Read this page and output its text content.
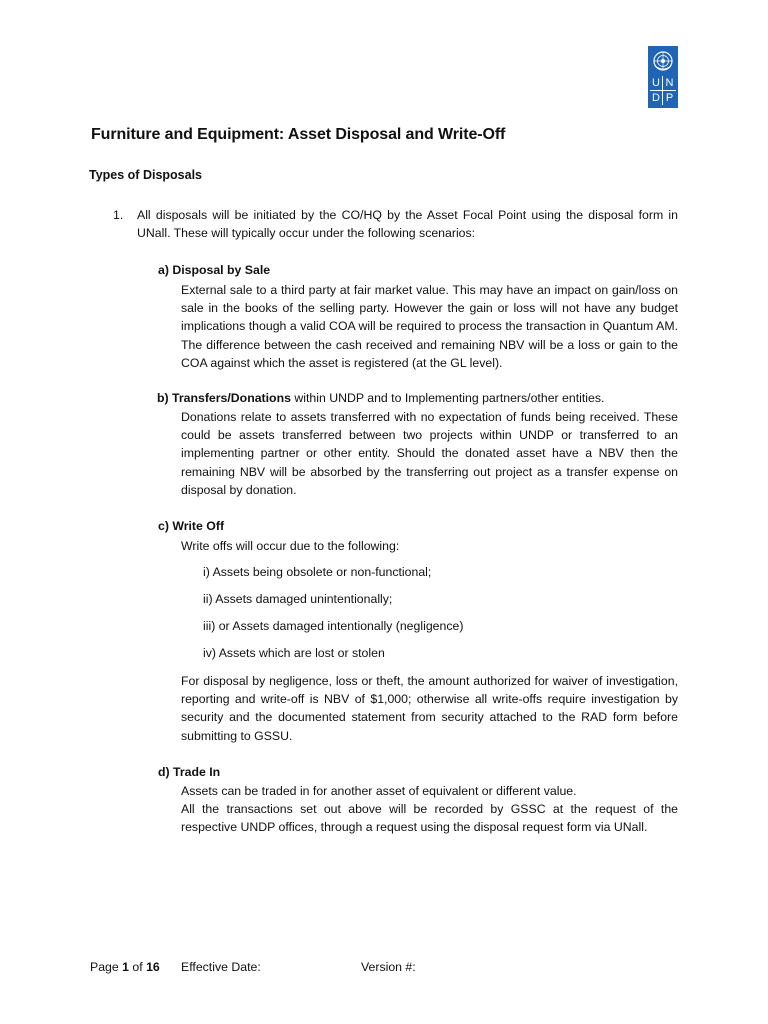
U N
D P
Furniture and Equipment: Asset Disposal and Write-Off
Types of Disposals
1. All disposals will be initiated by the CO/HQ by the Asset Focal Point using the disposal form in UNall. These will typically occur under the following scenarios:
a) Disposal by Sale
External sale to a third party at fair market value. This may have an impact on gain/loss on sale in the books of the selling party. However the gain or loss will not have any budget implications though a valid COA will be required to process the transaction in Quantum AM. The difference between the cash received and remaining NBV will be a loss or gain to the COA against which the asset is registered (at the GL level).
b) Transfers/Donations within UNDP and to Implementing partners/other entities.
Donations relate to assets transferred with no expectation of funds being received. These could be assets transferred between two projects within UNDP or transferred to an implementing partner or other entity. Should the donated asset have a NBV then the remaining NBV will be absorbed by the transferring out project as a transfer expense on disposal by donation.
c) Write Off
Write offs will occur due to the following:
i) Assets being obsolete or non-functional;
ii) Assets damaged unintentionally;
iii) or Assets damaged intentionally (negligence)
iv) Assets which are lost or stolen
For disposal by negligence, loss or theft, the amount authorized for waiver of investigation, reporting and write-off is NBV of $1,000; otherwise all write-offs require investigation by security and the documented statement from security attached to the RAD form before submitting to GSSU.
d) Trade In
Assets can be traded in for another asset of equivalent or different value.
All the transactions set out above will be recorded by GSSC at the request of the respective UNDP offices, through a request using the disposal request form via UNall.
Page 1 of 16 Effective Date:	Version #:
